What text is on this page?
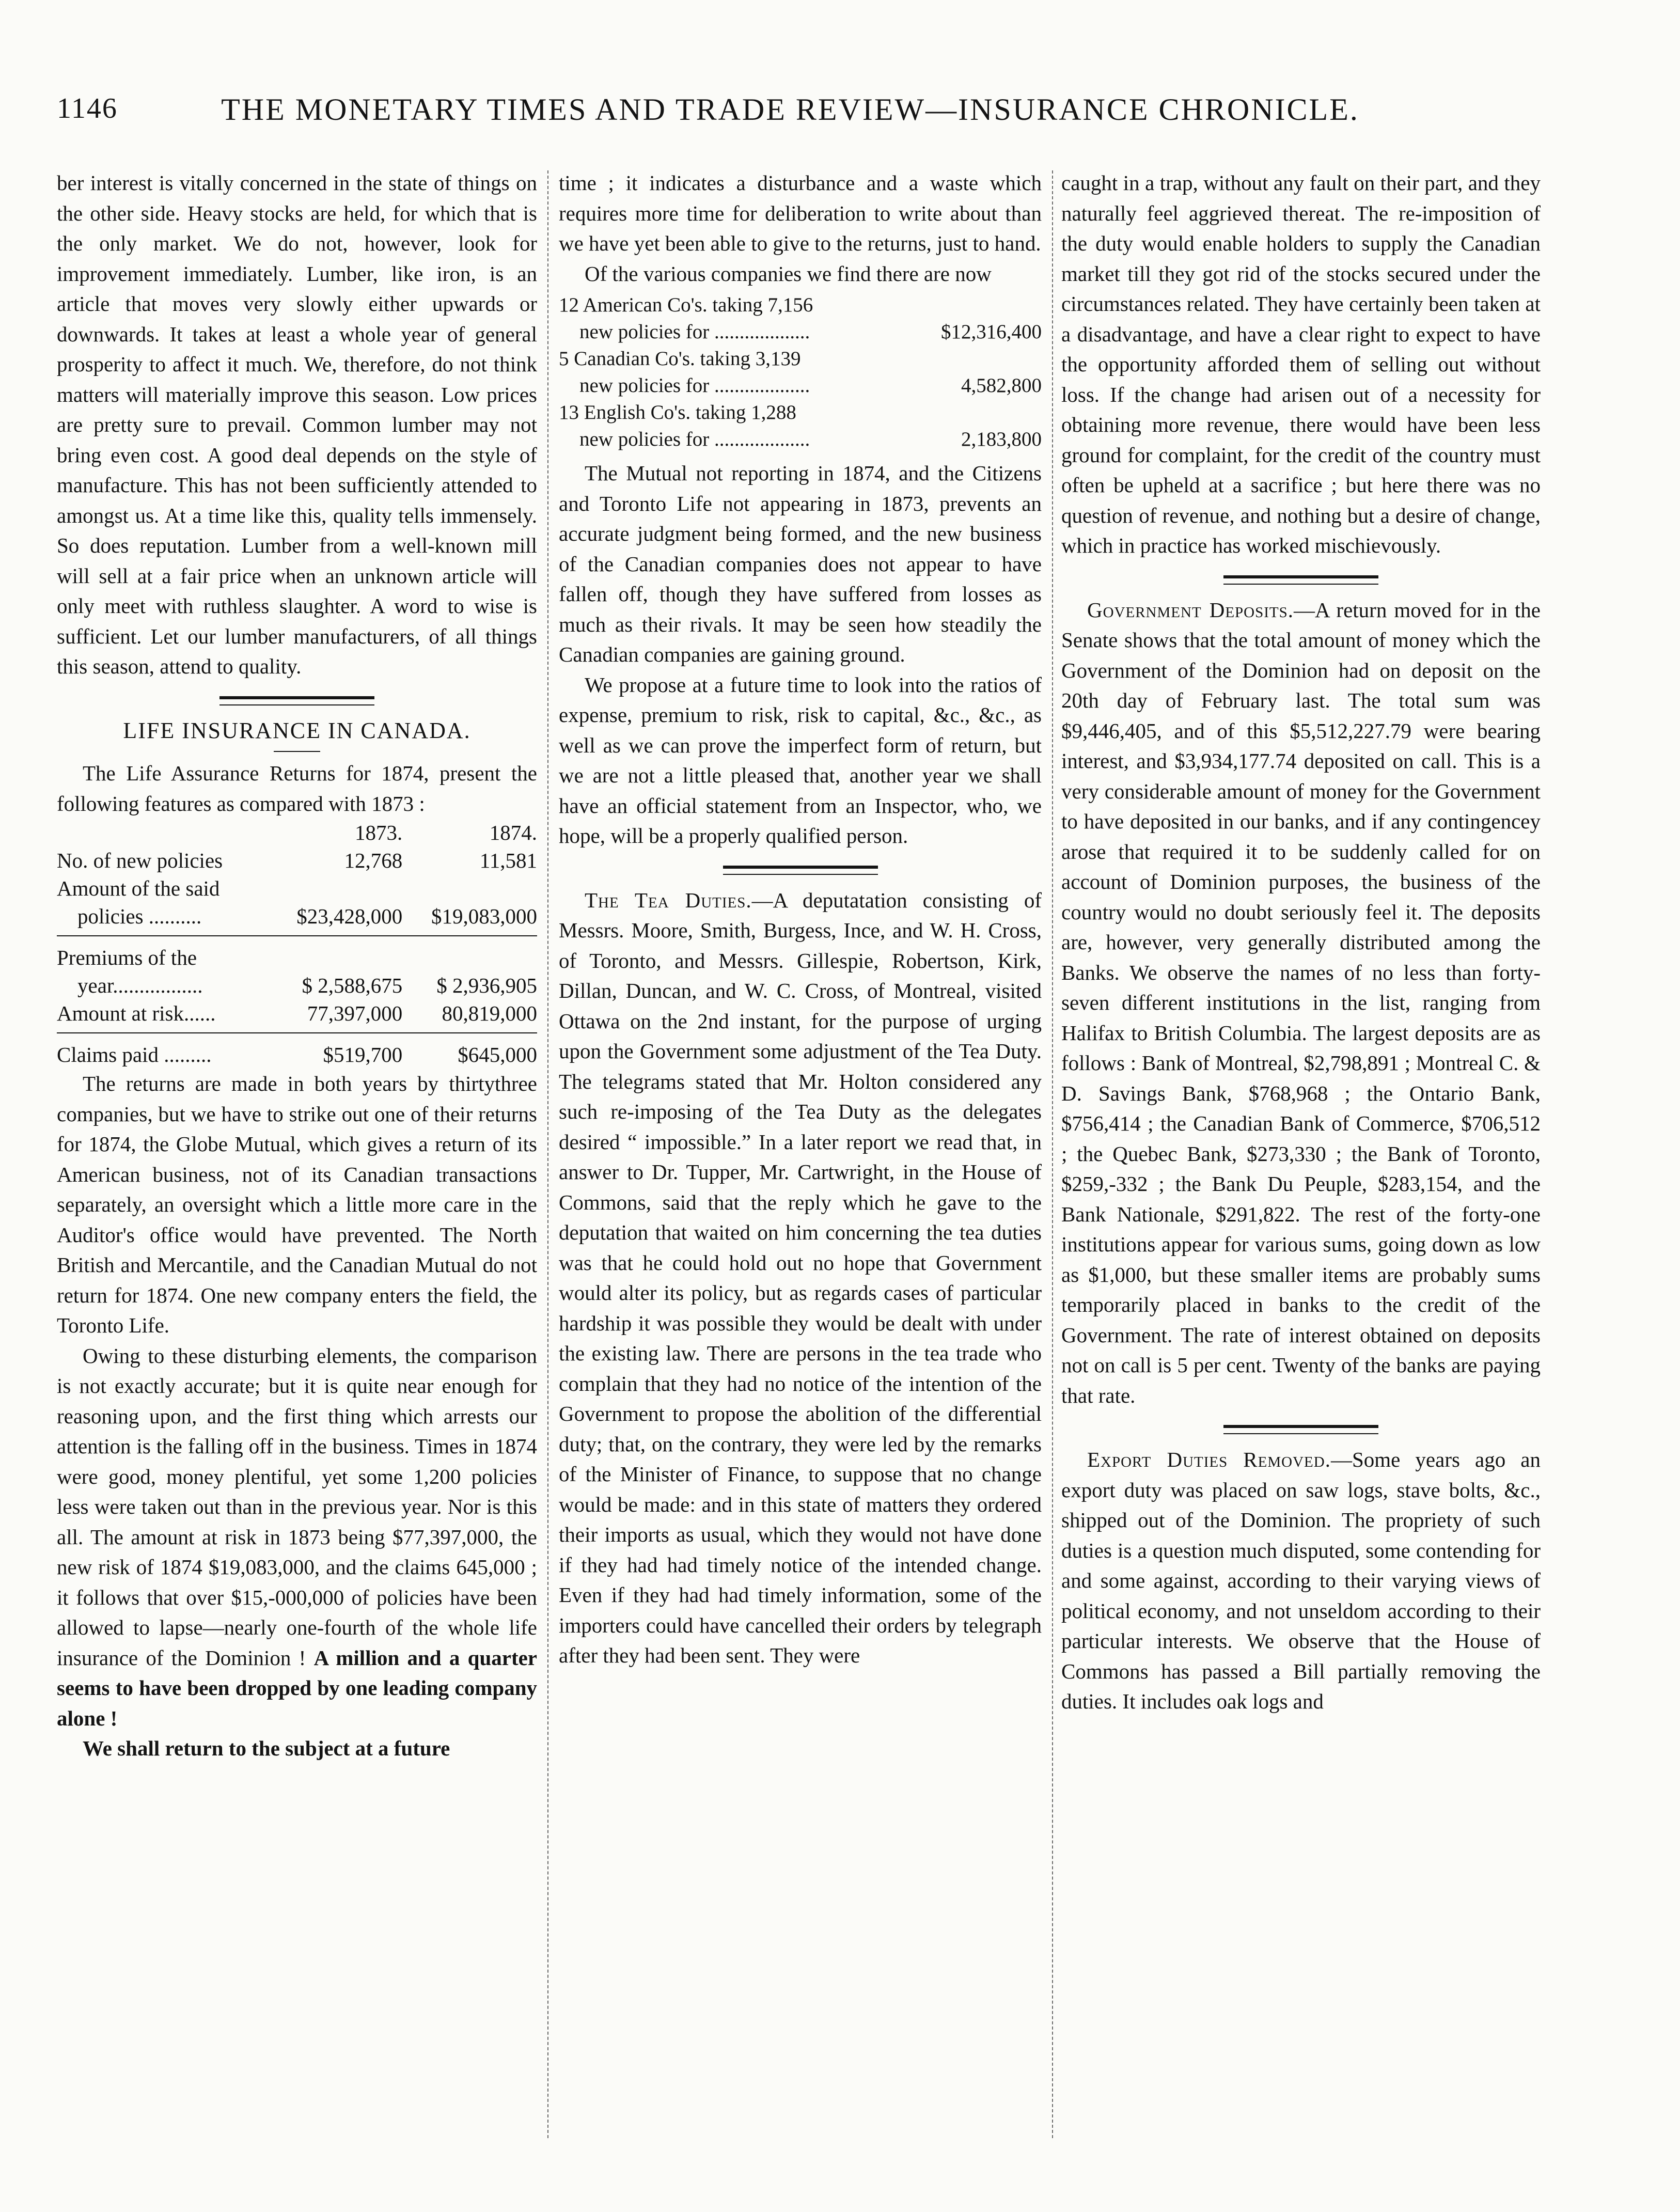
1146	THE MONETARY TIMES AND TRADE REVIEW—INSURANCE CHRONICLE.

ber interest is vitally concerned in the state of things on the other side. Heavy stocks are held, for which that is the only market. We do not, however, look for improvement immediately. Lumber, like iron, is an article that moves very slowly either upwards or downwards. It takes at least a whole year of general prosperity to affect it much. We, therefore, do not think matters will materially improve this season. Low prices are pretty sure to prevail. Common lumber may not bring even cost. A good deal depends on the style of manufacture. This has not been sufficiently attended to amongst us. At a time like this, quality tells immensely. So does reputation. Lumber from a well-known mill will sell at a fair price when an unknown article will only meet with ruthless slaughter. A word to wise is sufficient. Let our lumber manufacturers, of all things this season, attend to quality.

LIFE INSURANCE IN CANADA.

The Life Assurance Returns for 1874, present the following features as compared with 1873 :

	1873.	1874.
No. of new policies	12,768	11,581
Amount of the said		
policies ..........	$23,428,000	$19,083,000

Premiums of the		
year.................	$ 2,588,675	$ 2,936,905
Amount at risk......	77,397,000	80,819,000

Claims paid .........	$519,700	$645,000

The returns are made in both years by thirtythree companies, but we have to strike out one of their returns for 1874, the Globe Mutual, which gives a return of its American business, not of its Canadian transactions separately, an oversight which a little more care in the Auditor's office would have prevented. The North British and Mercantile, and the Canadian Mutual do not return for 1874. One new company enters the field, the Toronto Life.

Owing to these disturbing elements, the comparison is not exactly accurate; but it is quite near enough for reasoning upon, and the first thing which arrests our attention is the falling off in the business. Times in 1874 were good, money plentiful, yet some 1,200 policies less were taken out than in the previous year. Nor is this all. The amount at risk in 1873 being $77,397,000, the new risk of 1874 $19,083,000, and the claims 645,000 ; it follows that over $15,-000,000 of policies have been allowed to lapse—nearly one-fourth of the whole life insurance of the Dominion ! A million and a quarter seems to have been dropped by one leading company alone !

We shall return to the subject at a future

time ; it indicates a disturbance and a waste which requires more time for deliberation to write about than we have yet been able to give to the returns, just to hand.

Of the various companies we find there are now

12 American Co's. taking 7,156	
new policies for ...................	$12,316,400
5 Canadian Co's. taking 3,139	
new policies for ...................	4,582,800
13 English Co's. taking 1,288	
new policies for ...................	2,183,800

The Mutual not reporting in 1874, and the Citizens and Toronto Life not appearing in 1873, prevents an accurate judgment being formed, and the new business of the Canadian companies does not appear to have fallen off, though they have suffered from losses as much as their rivals. It may be seen how steadily the Canadian companies are gaining ground.

We propose at a future time to look into the ratios of expense, premium to risk, risk to capital, &c., &c., as well as we can prove the imperfect form of return, but we are not a little pleased that, another year we shall have an official statement from an Inspector, who, we hope, will be a properly qualified person.

The Tea Duties.—A deputatation consisting of Messrs. Moore, Smith, Burgess, Ince, and W. H. Cross, of Toronto, and Messrs. Gillespie, Robertson, Kirk, Dillan, Duncan, and W. C. Cross, of Montreal, visited Ottawa on the 2nd instant, for the purpose of urging upon the Government some adjustment of the Tea Duty. The telegrams stated that Mr. Holton considered any such re-imposing of the Tea Duty as the delegates desired “ impossible.” In a later report we read that, in answer to Dr. Tupper, Mr. Cartwright, in the House of Commons, said that the reply which he gave to the deputation that waited on him concerning the tea duties was that he could hold out no hope that Government would alter its policy, but as regards cases of particular hardship it was possible they would be dealt with under the existing law. There are persons in the tea trade who complain that they had no notice of the intention of the Government to propose the abolition of the differential duty; that, on the contrary, they were led by the remarks of the Minister of Finance, to suppose that no change would be made: and in this state of matters they ordered their imports as usual, which they would not have done if they had had timely notice of the intended change. Even if they had had timely information, some of the importers could have cancelled their orders by telegraph after they had been sent. They were

caught in a trap, without any fault on their part, and they naturally feel aggrieved thereat. The re-imposition of the duty would enable holders to supply the Canadian market till they got rid of the stocks secured under the circumstances related. They have certainly been taken at a disadvantage, and have a clear right to expect to have the opportunity afforded them of selling out without loss. If the change had arisen out of a necessity for obtaining more revenue, there would have been less ground for complaint, for the credit of the country must often be upheld at a sacrifice ; but here there was no question of revenue, and nothing but a desire of change, which in practice has worked mischievously.

Government Deposits.—A return moved for in the Senate shows that the total amount of money which the Government of the Dominion had on deposit on the 20th day of February last. The total sum was $9,446,405, and of this $5,512,227.79 were bearing interest, and $3,934,177.74 deposited on call. This is a very considerable amount of money for the Government to have deposited in our banks, and if any contingencey arose that required it to be suddenly called for on account of Dominion purposes, the business of the country would no doubt seriously feel it. The deposits are, however, very generally distributed among the Banks. We observe the names of no less than forty-seven different institutions in the list, ranging from Halifax to British Columbia. The largest deposits are as follows : Bank of Montreal, $2,798,891 ; Montreal C. & D. Savings Bank, $768,968 ; the Ontario Bank, $756,414 ; the Canadian Bank of Commerce, $706,512 ; the Quebec Bank, $273,330 ; the Bank of Toronto, $259,-332 ; the Bank Du Peuple, $283,154, and the Bank Nationale, $291,822. The rest of the forty-one institutions appear for various sums, going down as low as $1,000, but these smaller items are probably sums temporarily placed in banks to the credit of the Government. The rate of interest obtained on deposits not on call is 5 per cent. Twenty of the banks are paying that rate.

Export Duties Removed.—Some years ago an export duty was placed on saw logs, stave bolts, &c., shipped out of the Dominion. The propriety of such duties is a question much disputed, some contending for and some against, according to their varying views of political economy, and not unseldom according to their particular interests. We observe that the House of Commons has passed a Bill partially removing the duties. It includes oak logs and
